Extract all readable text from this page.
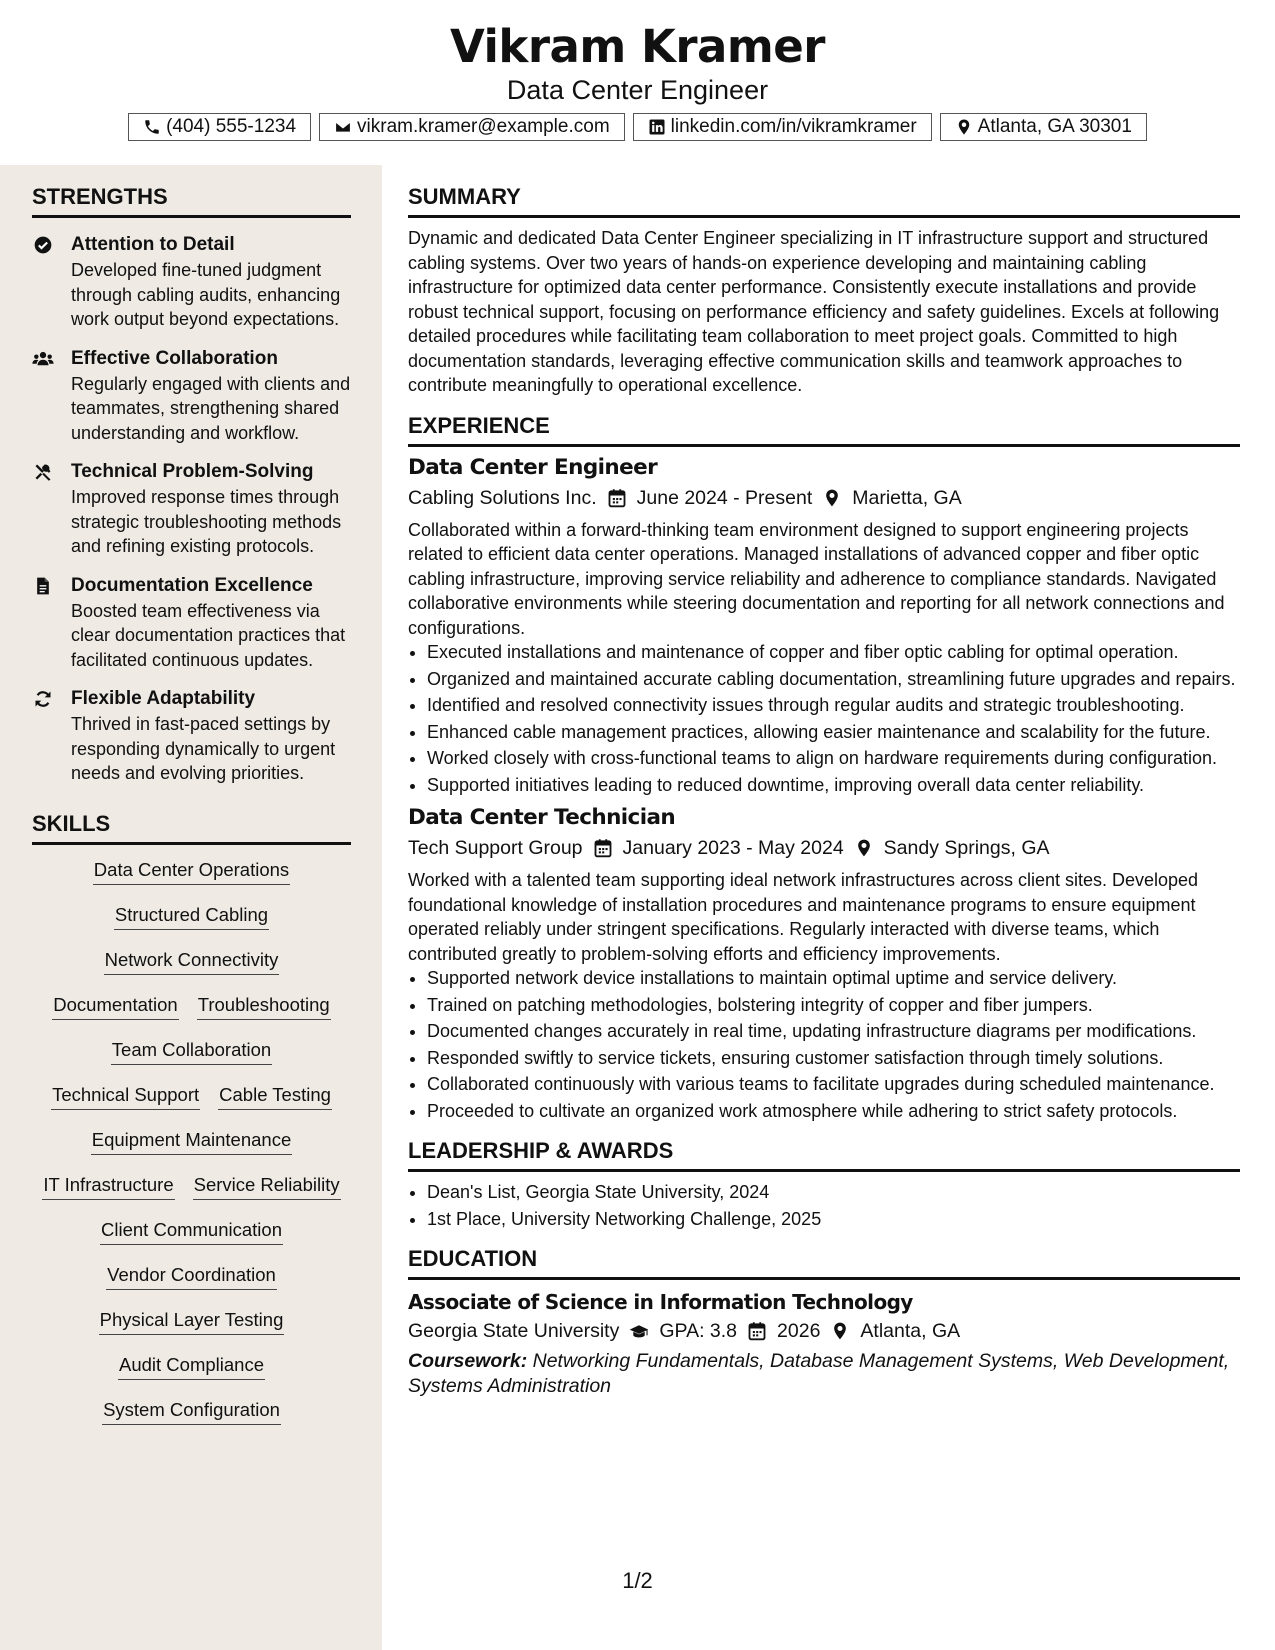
Vikram Kramer
Data Center Engineer
(404) 555-1234	vikram.kramer@example.com	linkedin.com/in/vikramkramer	Atlanta, GA 30301
STRENGTHS
Attention to Detail
Developed fine-tuned judgment through cabling audits, enhancing work output beyond expectations.
Effective Collaboration
Regularly engaged with clients and teammates, strengthening shared understanding and workflow.
Technical Problem-Solving
Improved response times through strategic troubleshooting methods and refining existing protocols.
Documentation Excellence
Boosted team effectiveness via clear documentation practices that facilitated continuous updates.
Flexible Adaptability
Thrived in fast-paced settings by responding dynamically to urgent needs and evolving priorities.
SKILLS
Data Center Operations
Structured Cabling
Network Connectivity
Documentation Troubleshooting
Team Collaboration
Technical Support Cable Testing
Equipment Maintenance
IT Infrastructure Service Reliability
Client Communication
Vendor Coordination
Physical Layer Testing
Audit Compliance
System Configuration
SUMMARY
Dynamic and dedicated Data Center Engineer specializing in IT infrastructure support and structured cabling systems. Over two years of hands-on experience developing and maintaining cabling infrastructure for optimized data center performance. Consistently execute installations and provide robust technical support, focusing on performance efficiency and safety guidelines. Excels at following detailed procedures while facilitating team collaboration to meet project goals. Committed to high documentation standards, leveraging effective communication skills and teamwork approaches to contribute meaningfully to operational excellence.
EXPERIENCE
Data Center Engineer
Cabling Solutions Inc. June 2024 - Present Marietta, GA
Collaborated within a forward-thinking team environment designed to support engineering projects related to efficient data center operations. Managed installations of advanced copper and fiber optic cabling infrastructure, improving service reliability and adherence to compliance standards. Navigated collaborative environments while steering documentation and reporting for all network connections and configurations.
• Executed installations and maintenance of copper and fiber optic cabling for optimal operation.
• Organized and maintained accurate cabling documentation, streamlining future upgrades and repairs.
• Identified and resolved connectivity issues through regular audits and strategic troubleshooting.
• Enhanced cable management practices, allowing easier maintenance and scalability for the future.
• Worked closely with cross-functional teams to align on hardware requirements during configuration.
• Supported initiatives leading to reduced downtime, improving overall data center reliability.
Data Center Technician
Tech Support Group January 2023 - May 2024 Sandy Springs, GA
Worked with a talented team supporting ideal network infrastructures across client sites. Developed foundational knowledge of installation procedures and maintenance programs to ensure equipment operated reliably under stringent specifications. Regularly interacted with diverse teams, which contributed greatly to problem-solving efforts and efficiency improvements.
• Supported network device installations to maintain optimal uptime and service delivery.
• Trained on patching methodologies, bolstering integrity of copper and fiber jumpers.
• Documented changes accurately in real time, updating infrastructure diagrams per modifications.
• Responded swiftly to service tickets, ensuring customer satisfaction through timely solutions.
• Collaborated continuously with various teams to facilitate upgrades during scheduled maintenance.
• Proceeded to cultivate an organized work atmosphere while adhering to strict safety protocols.
LEADERSHIP & AWARDS
• Dean's List, Georgia State University, 2024
• 1st Place, University Networking Challenge, 2025
EDUCATION
Associate of Science in Information Technology
Georgia State University GPA: 3.8 2026 Atlanta, GA
Coursework: Networking Fundamentals, Database Management Systems, Web Development, Systems Administration
1/2
